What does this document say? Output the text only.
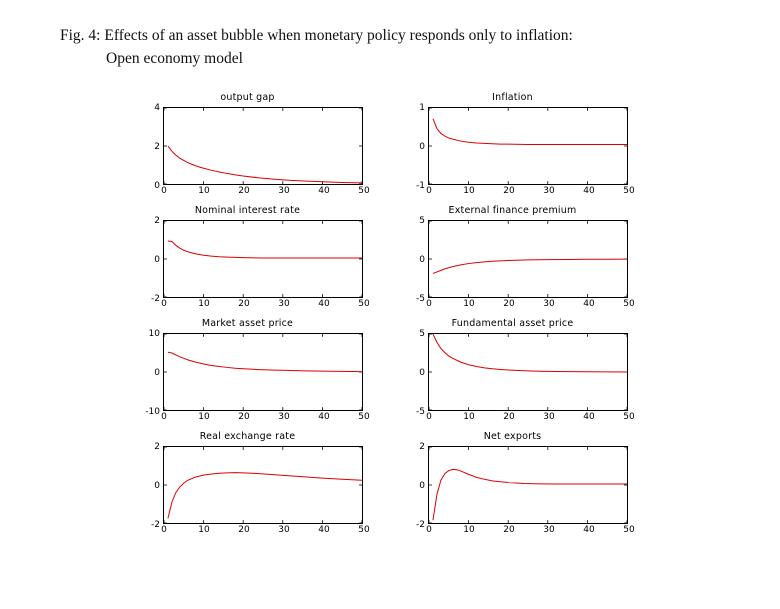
Fig. 4: Effects of an asset bubble when monetary policy responds only to inflation:
Open economy model
output gap
0
2
4
0	10	20	30	40	50
Inflation
-1
0
1
0	10	20	30	40	50
Nominal interest rate
-2
0
2
0	10	20	30	40	50
External finance premium
-5
0
5
0	10	20	30	40	50
Market asset price
-10
0
10
0	10	20	30	40	50
Fundamental asset price
-5
0
5
0	10	20	30	40	50
Real exchange rate
-2
0
2
0	10	20	30	40	50
Net exports
-2
0
2
0	10	20	30	40	50
